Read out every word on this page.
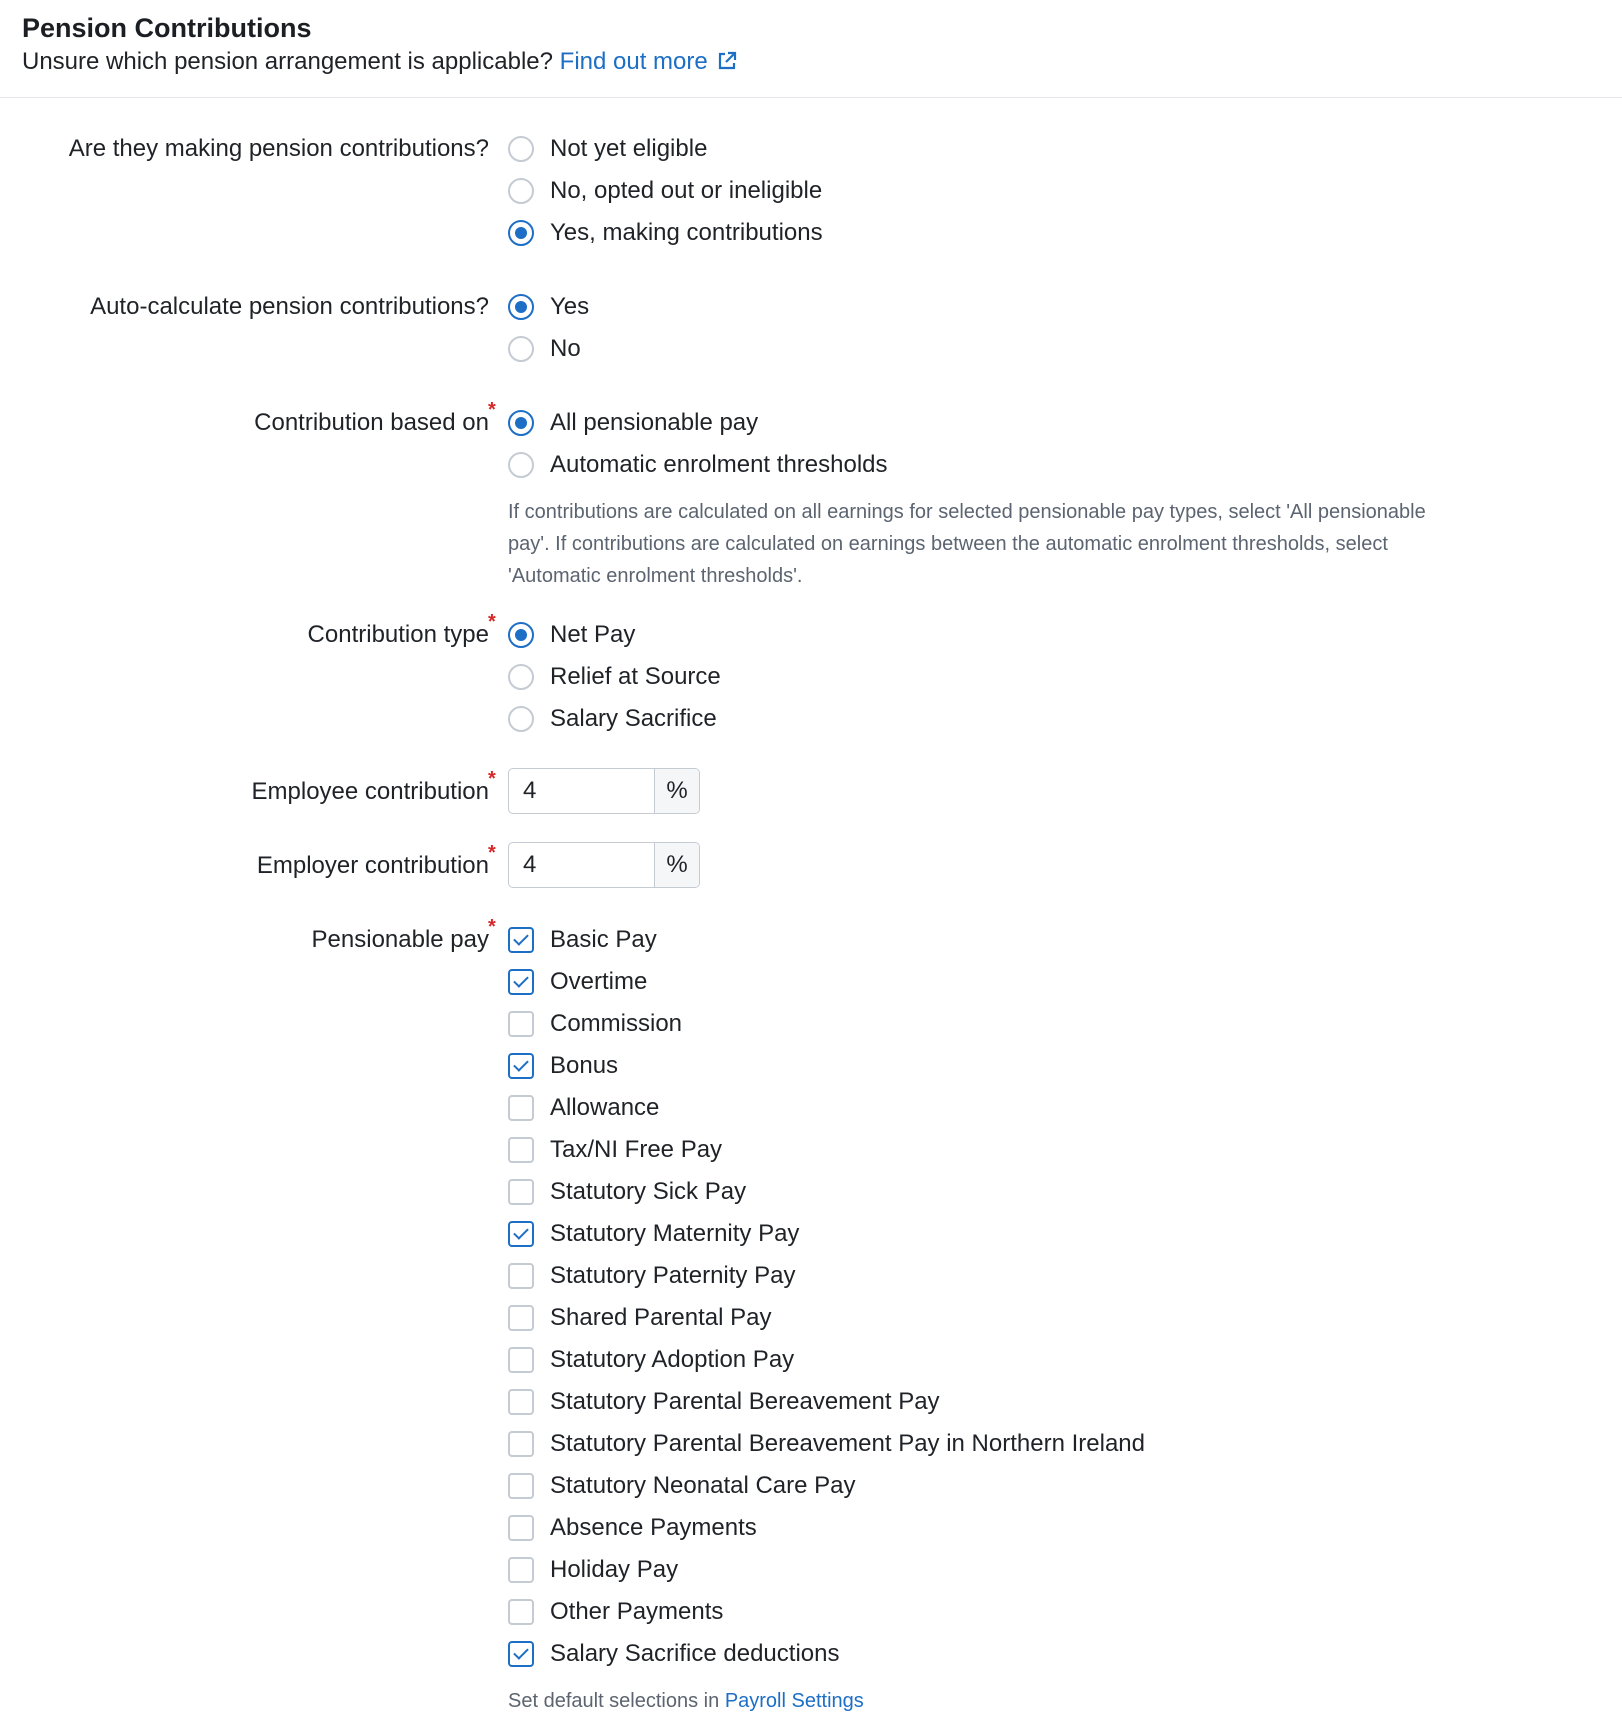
Pension Contributions
Unsure which pension arrangement is applicable? Find out more
Are they making pension contributions?	Not yet eligible
No, opted out or ineligible
Yes, making contributions
Auto-calculate pension contributions?	Yes
No
Contribution based on * All pensionable pay
Automatic enrolment thresholds
If contributions are calculated on all earnings for selected pensionable pay types, select 'All pensionable pay'. If contributions are calculated on earnings between the automatic enrolment thresholds, select 'Automatic enrolment thresholds'.
Contribution type * Net Pay
Relief at Source
Salary Sacrifice
Employee contribution *	4	%
Employer contribution *	4	%
Pensionable pay * Basic Pay
Overtime
Commission
Bonus
Allowance
Tax/NI Free Pay
Statutory Sick Pay
Statutory Maternity Pay
Statutory Paternity Pay
Shared Parental Pay
Statutory Adoption Pay
Statutory Parental Bereavement Pay
Statutory Parental Bereavement Pay in Northern Ireland
Statutory Neonatal Care Pay
Absence Payments
Holiday Pay
Other Payments
Salary Sacrifice deductions
Set default selections in Payroll Settings
